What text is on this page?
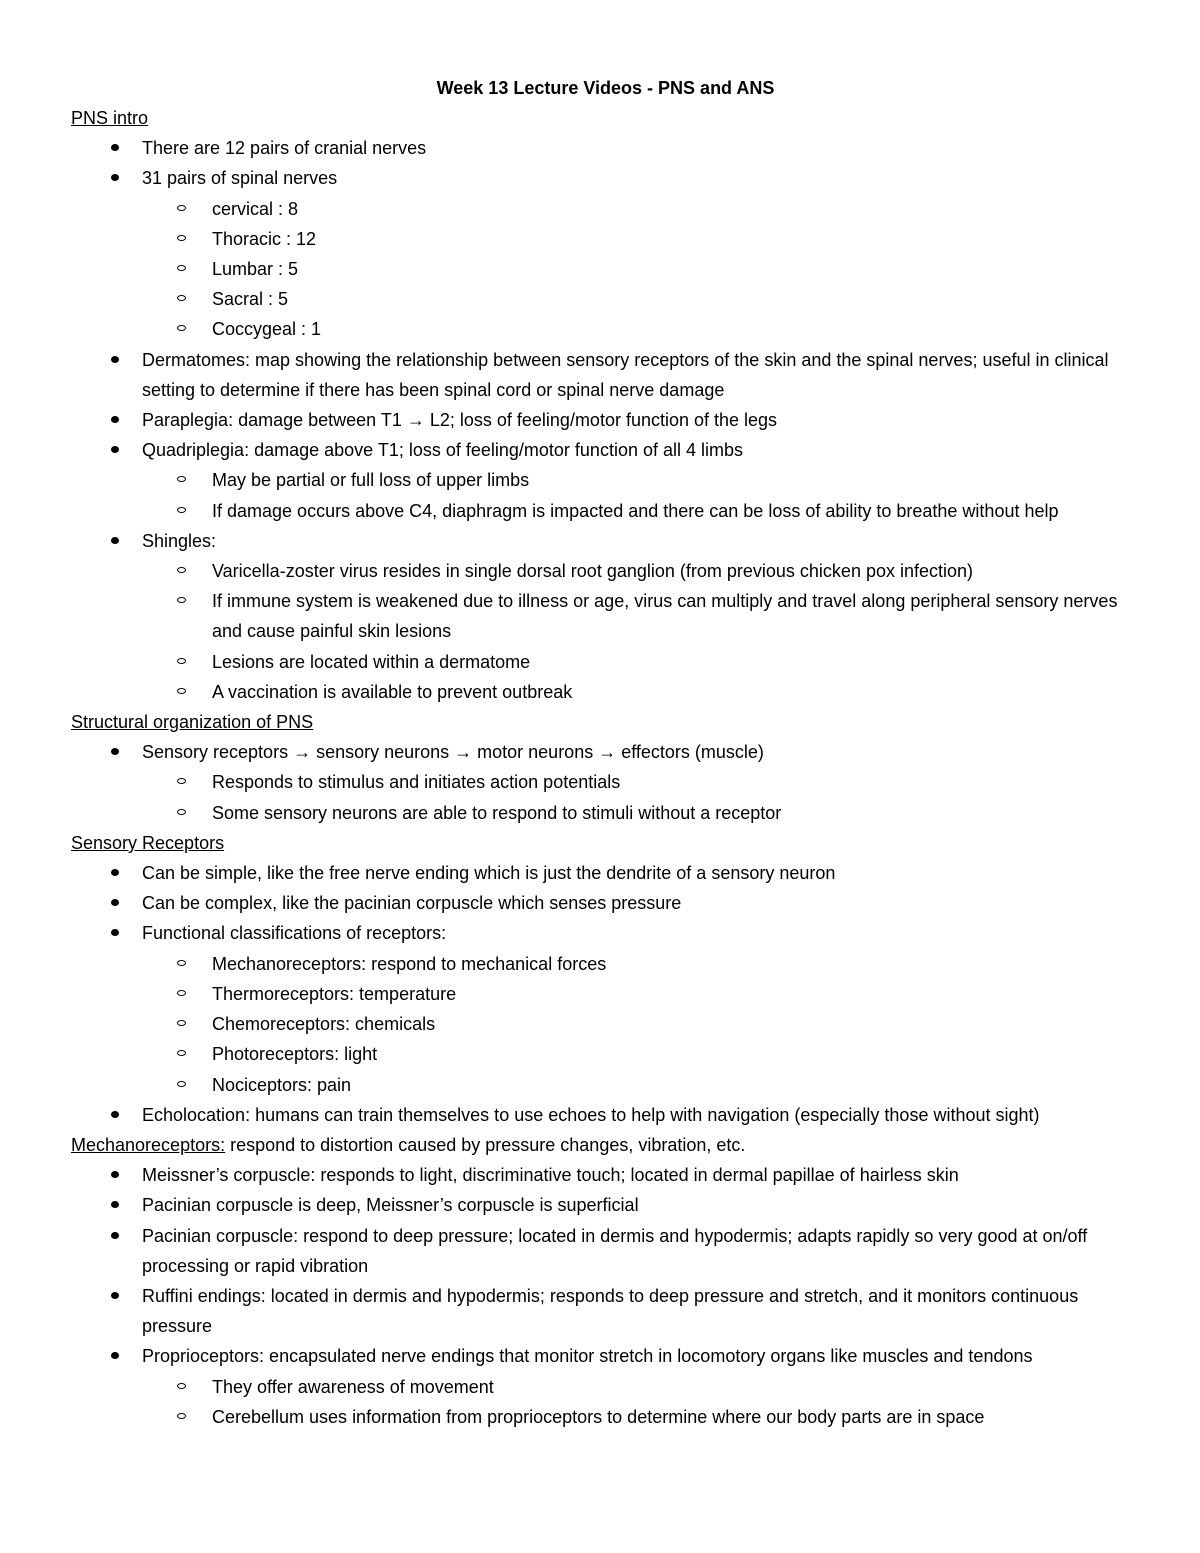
Week 13 Lecture Videos - PNS and ANS
PNS intro
There are 12 pairs of cranial nerves
31 pairs of spinal nerves
cervical : 8
Thoracic : 12
Lumbar : 5
Sacral : 5
Coccygeal : 1
Dermatomes: map showing the relationship between sensory receptors of the skin and the spinal nerves; useful in clinical setting to determine if there has been spinal cord or spinal nerve damage
Paraplegia: damage between T1 → L2; loss of feeling/motor function of the legs
Quadriplegia: damage above T1; loss of feeling/motor function of all 4 limbs
May be partial or full loss of upper limbs
If damage occurs above C4, diaphragm is impacted and there can be loss of ability to breathe without help
Shingles:
Varicella-zoster virus resides in single dorsal root ganglion (from previous chicken pox infection)
If immune system is weakened due to illness or age, virus can multiply and travel along peripheral sensory nerves and cause painful skin lesions
Lesions are located within a dermatome
A vaccination is available to prevent outbreak
Structural organization of PNS
Sensory receptors → sensory neurons → motor neurons → effectors (muscle)
Responds to stimulus and initiates action potentials
Some sensory neurons are able to respond to stimuli without a receptor
Sensory Receptors
Can be simple, like the free nerve ending which is just the dendrite of a sensory neuron
Can be complex, like the pacinian corpuscle which senses pressure
Functional classifications of receptors:
Mechanoreceptors: respond to mechanical forces
Thermoreceptors: temperature
Chemoreceptors: chemicals
Photoreceptors: light
Nociceptors: pain
Echolocation: humans can train themselves to use echoes to help with navigation (especially those without sight)
Mechanoreceptors: respond to distortion caused by pressure changes, vibration, etc.
Meissner’s corpuscle: responds to light, discriminative touch; located in dermal papillae of hairless skin
Pacinian corpuscle is deep, Meissner’s corpuscle is superficial
Pacinian corpuscle: respond to deep pressure; located in dermis and hypodermis; adapts rapidly so very good at on/off processing or rapid vibration
Ruffini endings: located in dermis and hypodermis; responds to deep pressure and stretch, and it monitors continuous pressure
Proprioceptors: encapsulated nerve endings that monitor stretch in locomotory organs like muscles and tendons
They offer awareness of movement
Cerebellum uses information from proprioceptors to determine where our body parts are in space
